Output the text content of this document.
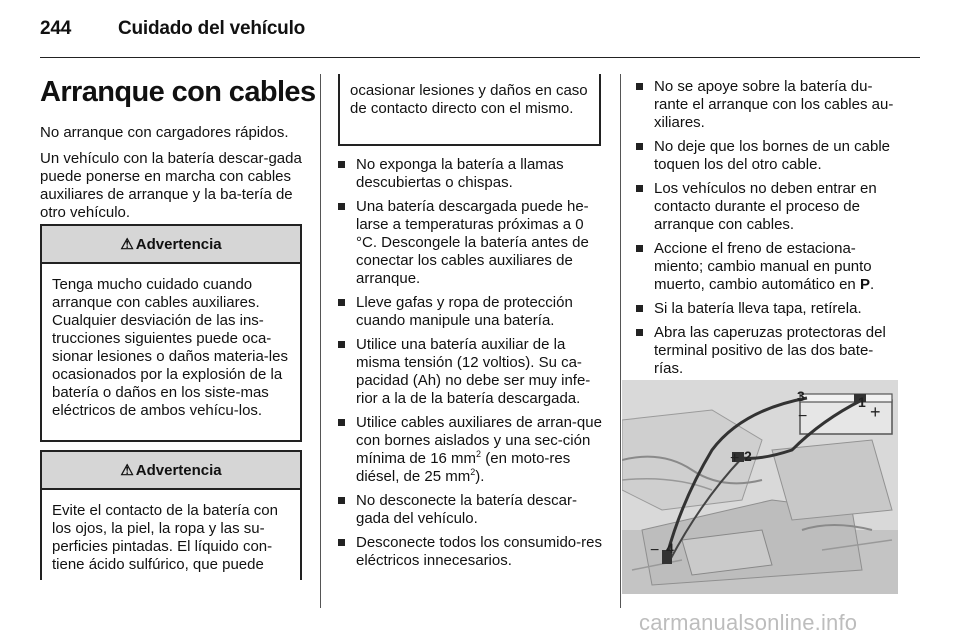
244 Cuidado del vehículo
Arranque con cables
No arranque con cargadores rápidos.
Un vehículo con la batería descar-gada puede ponerse en marcha con cables auxiliares de arranque y la ba-tería de otro vehículo.
⚠ Advertencia
Tenga mucho cuidado cuando arranque con cables auxiliares. Cualquier desviación de las ins-trucciones siguientes puede oca-sionar lesiones o daños materia-les ocasionados por la explosión de la batería o daños en los siste-mas eléctricos de ambos vehícu-los.
⚠ Advertencia
Evite el contacto de la batería con los ojos, la piel, la ropa y las su-perficies pintadas. El líquido con-tiene ácido sulfúrico, que puede
ocasionar lesiones y daños en caso de contacto directo con el mismo.
No exponga la batería a llamas descubiertas o chispas.
Una batería descargada puede he-larse a temperaturas próximas a 0 °C. Descongele la batería antes de conectar los cables auxiliares de arranque.
Lleve gafas y ropa de protección cuando manipule una batería.
Utilice una batería auxiliar de la misma tensión (12 voltios). Su ca-pacidad (Ah) no debe ser muy infe-rior a la de la batería descargada.
Utilice cables auxiliares de arran-que con bornes aislados y una sec-ción mínima de 16 $mm^2$ (en moto-res diésel, de 25 $mm^2$).
No desconecte la batería descar-gada del vehículo.
Desconecte todos los consumido-res eléctricos innecesarios.
No se apoye sobre la batería du-rante el arranque con los cables au-xiliares.
No deje que los bornes de un cable toquen los del otro cable.
Los vehículos no deben entrar en contacto durante el proceso de arranque con cables.
Accione el freno de estaciona-miento; cambio manual en punto muerto, cambio automático en P.
Si la batería lleva tapa, retírela.
Abra las caperuzas protectoras del terminal positivo de las dos bate-rías.
1
2
3
4
+
−
+
−
carmanualsonline.info
